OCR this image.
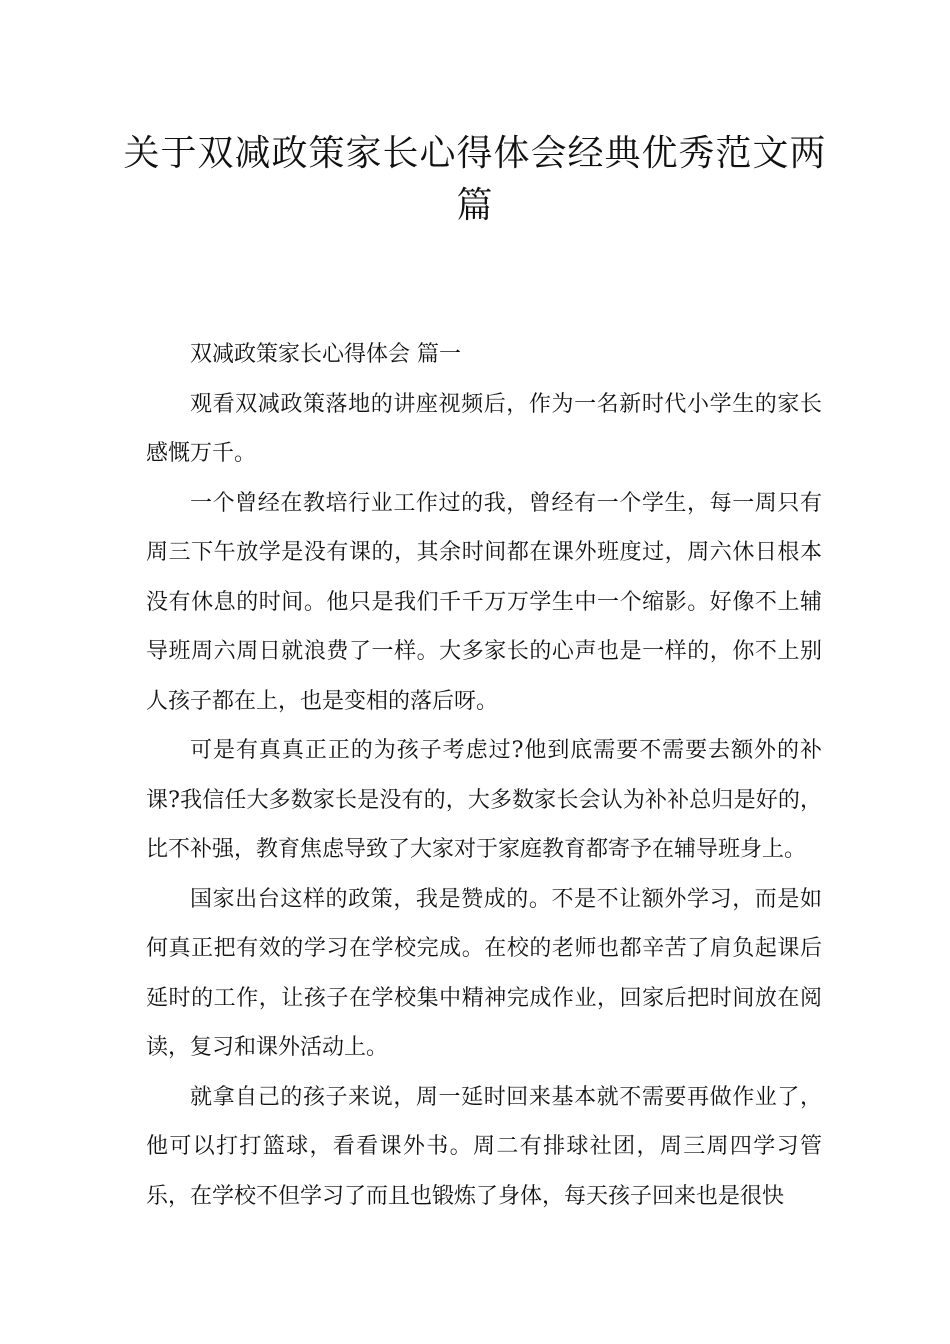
关于双减政策家长心得体会经典优秀范文两篇

双减政策家长心得体会 篇一

观看双减政策落地的讲座视频后，作为一名新时代小学生的家长感慨万千。

一个曾经在教培行业工作过的我，曾经有一个学生，每一周只有周三下午放学是没有课的，其余时间都在课外班度过，周六休日根本没有休息的时间。他只是我们千千万万学生中一个缩影。好像不上辅导班周六周日就浪费了一样。大多家长的心声也是一样的，你不上别人孩子都在上，也是变相的落后呀。

可是有真真正正的为孩子考虑过?他到底需要不需要去额外的补课?我信任大多数家长是没有的，大多数家长会认为补补总归是好的，比不补强，教育焦虑导致了大家对于家庭教育都寄予在辅导班身上。

国家出台这样的政策，我是赞成的。不是不让额外学习，而是如何真正把有效的学习在学校完成。在校的老师也都辛苦了肩负起课后延时的工作，让孩子在学校集中精神完成作业，回家后把时间放在阅读，复习和课外活动上。

就拿自己的孩子来说，周一延时回来基本就不需要再做作业了，他可以打打篮球，看看课外书。周二有排球社团，周三周四学习管乐，在学校不但学习了而且也锻炼了身体，每天孩子回来也是很快
